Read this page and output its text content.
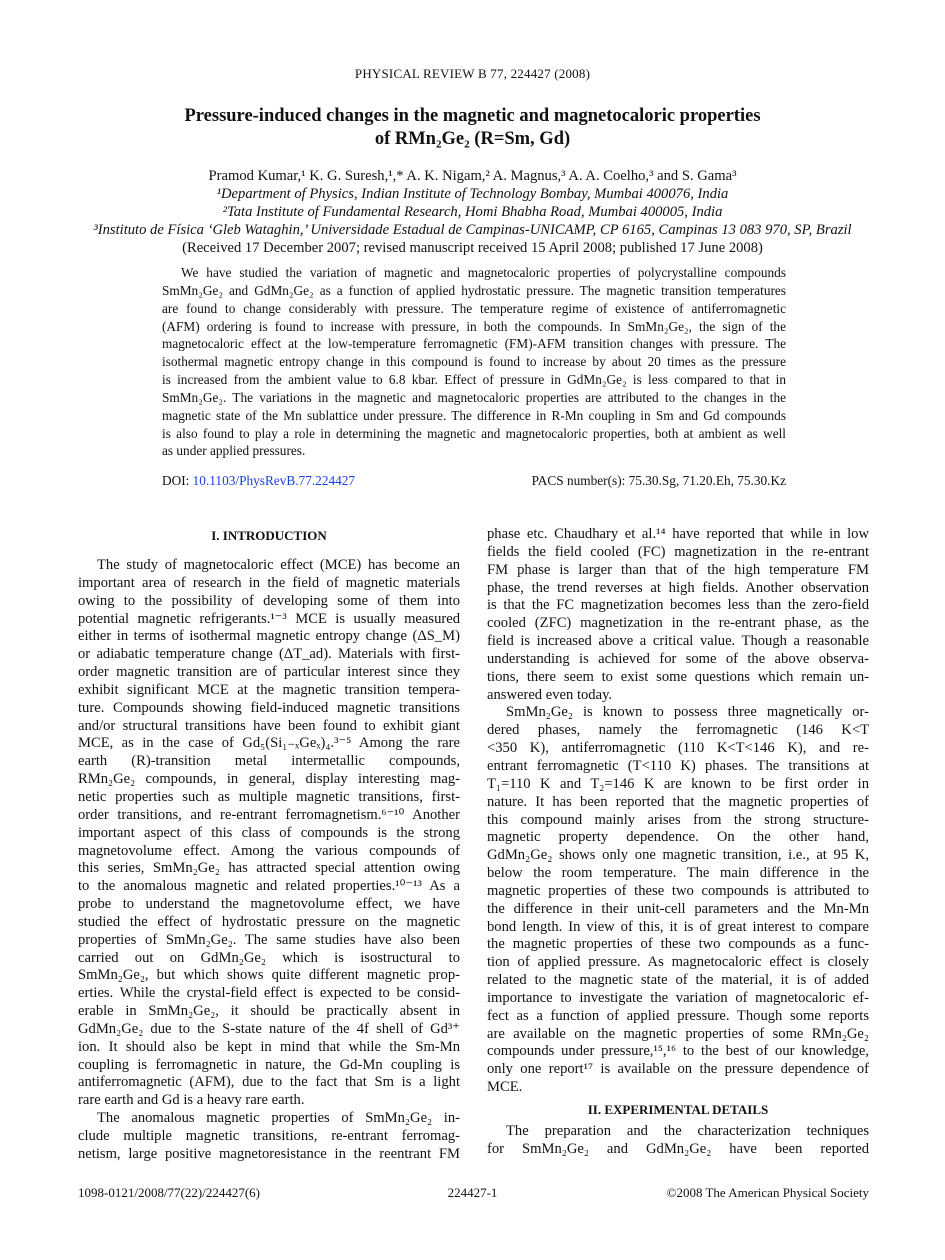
PHYSICAL REVIEW B 77, 224427 (2008)
Pressure-induced changes in the magnetic and magnetocaloric properties
of RMn₂Ge₂ (R=Sm, Gd)
Pramod Kumar,¹ K. G. Suresh,¹,* A. K. Nigam,² A. Magnus,³ A. A. Coelho,³ and S. Gama³
¹Department of Physics, Indian Institute of Technology Bombay, Mumbai 400076, India
²Tata Institute of Fundamental Research, Homi Bhabha Road, Mumbai 400005, India
³Instituto de Física ‘Gleb Wataghin,’ Universidade Estadual de Campinas-UNICAMP, CP 6165, Campinas 13 083 970, SP, Brazil
(Received 17 December 2007; revised manuscript received 15 April 2008; published 17 June 2008)
We have studied the variation of magnetic and magnetocaloric properties of polycrystalline compounds
SmMn₂Ge₂ and GdMn₂Ge₂ as a function of applied hydrostatic pressure. The magnetic transition temperatures
are found to change considerably with pressure. The temperature regime of existence of antiferromagnetic
(AFM) ordering is found to increase with pressure, in both the compounds. In SmMn₂Ge₂, the sign of the
magnetocaloric effect at the low-temperature ferromagnetic (FM)-AFM transition changes with pressure. The
isothermal magnetic entropy change in this compound is found to increase by about 20 times as the pressure
is increased from the ambient value to 6.8 kbar. Effect of pressure in GdMn₂Ge₂ is less compared to that in
SmMn₂Ge₂. The variations in the magnetic and magnetocaloric properties are attributed to the changes in the
magnetic state of the Mn sublattice under pressure. The difference in R-Mn coupling in Sm and Gd compounds
is also found to play a role in determining the magnetic and magnetocaloric properties, both at ambient as well
as under applied pressures.
DOI: 10.1103/PhysRevB.77.224427	PACS number(s): 75.30.Sg, 71.20.Eh, 75.30.Kz
I. INTRODUCTION
The study of magnetocaloric effect (MCE) has become an
important area of research in the field of magnetic materials
owing to the possibility of developing some of them into
potential magnetic refrigerants.¹⁻³ MCE is usually measured
either in terms of isothermal magnetic entropy change (ΔS_M)
or adiabatic temperature change (ΔT_ad). Materials with first-
order magnetic transition are of particular interest since they
exhibit significant MCE at the magnetic transition tempera-
ture. Compounds showing field-induced magnetic transitions
and/or structural transitions have been found to exhibit giant
MCE, as in the case of Gd₅(Si₁₋ₓGeₓ)₄.³⁻⁵ Among the rare
earth (R)-transition metal intermetallic compounds,
RMn₂Ge₂ compounds, in general, display interesting mag-
netic properties such as multiple magnetic transitions, first-
order transitions, and re-entrant ferromagnetism.⁶⁻¹⁰ Another
important aspect of this class of compounds is the strong
magnetovolume effect. Among the various compounds of
this series, SmMn₂Ge₂ has attracted special attention owing
to the anomalous magnetic and related properties.¹⁰⁻¹³ As a
probe to understand the magnetovolume effect, we have
studied the effect of hydrostatic pressure on the magnetic
properties of SmMn₂Ge₂. The same studies have also been
carried out on GdMn₂Ge₂ which is isostructural to
SmMn₂Ge₂, but which shows quite different magnetic prop-
erties. While the crystal-field effect is expected to be consid-
erable in SmMn₂Ge₂, it should be practically absent in
GdMn₂Ge₂ due to the S-state nature of the 4f shell of Gd³⁺
ion. It should also be kept in mind that while the Sm-Mn
coupling is ferromagnetic in nature, the Gd-Mn coupling is
antiferromagnetic (AFM), due to the fact that Sm is a light
rare earth and Gd is a heavy rare earth.
The anomalous magnetic properties of SmMn₂Ge₂ in-
clude multiple magnetic transitions, re-entrant ferromag-
netism, large positive magnetoresistance in the reentrant FM
phase etc. Chaudhary et al.¹⁴ have reported that while in low
fields the field cooled (FC) magnetization in the re-entrant
FM phase is larger than that of the high temperature FM
phase, the trend reverses at high fields. Another observation
is that the FC magnetization becomes less than the zero-field
cooled (ZFC) magnetization in the re-entrant phase, as the
field is increased above a critical value. Though a reasonable
understanding is achieved for some of the above observa-
tions, there seem to exist some questions which remain un-
answered even today.
SmMn₂Ge₂ is known to possess three magnetically or-
dered phases, namely the ferromagnetic (146 K<T
<350 K), antiferromagnetic (110 K<T<146 K), and re-
entrant ferromagnetic (T<110 K) phases. The transitions at
T₁=110 K and T₂=146 K are known to be first order in
nature. It has been reported that the magnetic properties of
this compound mainly arises from the strong structure-
magnetic property dependence. On the other hand,
GdMn₂Ge₂ shows only one magnetic transition, i.e., at 95 K,
below the room temperature. The main difference in the
magnetic properties of these two compounds is attributed to
the difference in their unit-cell parameters and the Mn-Mn
bond length. In view of this, it is of great interest to compare
the magnetic properties of these two compounds as a func-
tion of applied pressure. As magnetocaloric effect is closely
related to the magnetic state of the material, it is of added
importance to investigate the variation of magnetocaloric ef-
fect as a function of applied pressure. Though some reports
are available on the magnetic properties of some RMn₂Ge₂
compounds under pressure,¹⁵,¹⁶ to the best of our knowledge,
only one report¹⁷ is available on the pressure dependence of
MCE.
II. EXPERIMENTAL DETAILS
The preparation and the characterization techniques
for SmMn₂Ge₂ and GdMn₂Ge₂ have been reported
1098-0121/2008/77(22)/224427(6)	224427-1	©2008 The American Physical Society
